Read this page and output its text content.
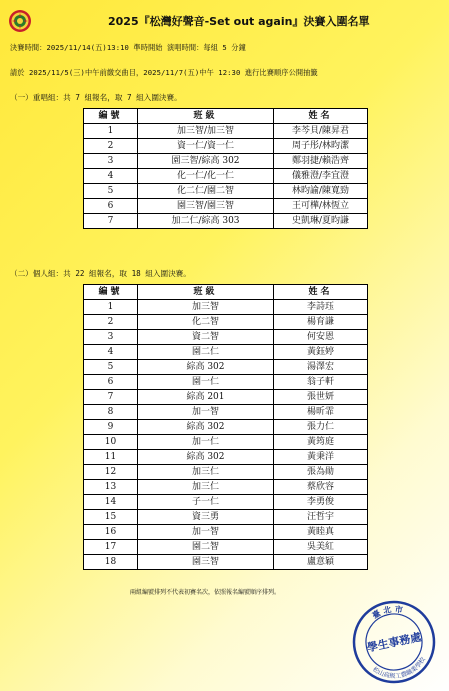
2025『松灣好聲音-Set out again』決賽入圍名單
決賽時間：2025/11/14(五)13:10 準時開始 演唱時間：每組 5 分鐘
請於 2025/11/5(三)中午前繳交曲目，2025/11/7(五)中午 12:30 進行比賽順序公開抽籤
（一）重唱組：共 7 組報名，取 7 組入圍決賽。
編號	班級	姓名
1	加三智/加三智	李芩貝/陳昇君
2	資一仁/資一仁	周子彤/林昀潔
3	園三智/綜高 302	鄭羽捷/賴浩齊
4	化一仁/化一仁	儀雅澄/李宜澄
5	化二仁/園二智	林昀諭/陳寬勁
6	園三智/園三智	王可樺/林恆立
7	加二仁/綜高 303	史凱琳/夏昀謙
（二）個人組：共 22 組報名，取 18 組入圍決賽。
編號	班級	姓名
1	加三智	李詩珏
2	化二智	楊育謙
3	資二智	何安恩
4	園二仁	黃鈺婷
5	綜高 302	湯澤宏
6	園一仁	翁子軒
7	綜高 201	張世妍
8	加一智	楊昕霏
9	綜高 302	張力仁
10	加一仁	黃筠庭
11	綜高 302	黃秉洋
12	加三仁	張為勛
13	加三仁	蔡欣容
14	子一仁	李勇俊
15	資三勇	汪哲宇
16	加一智	黃睦真
17	園二智	吳美紅
18	園三智	盧意穎
兩組編號排列不代表初賽名次，依照報名編號順序排列。
臺 北 市
松山高級工農職業學校
學生事務處
